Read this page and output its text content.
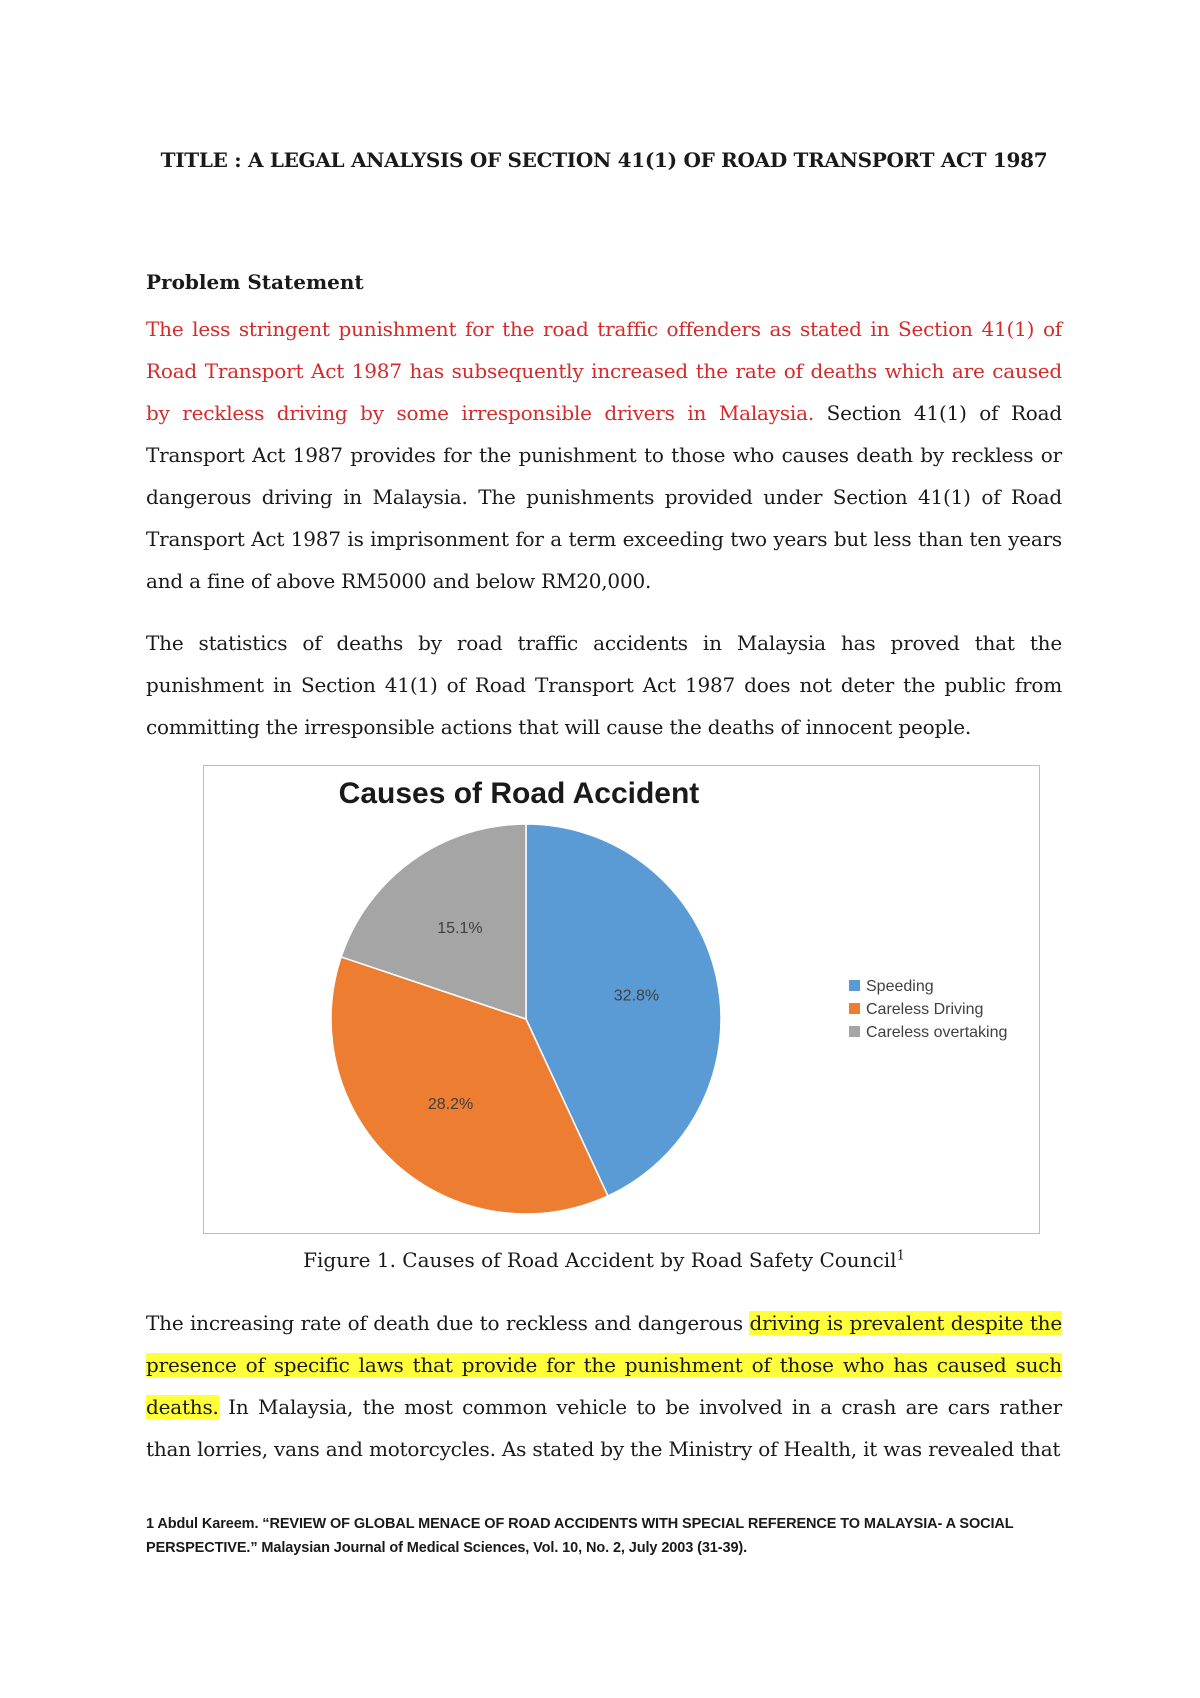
TITLE : A LEGAL ANALYSIS OF SECTION 41(1) OF ROAD TRANSPORT ACT 1987
Problem Statement
The less stringent punishment for the road traffic offenders as stated in Section 41(1) of Road Transport Act 1987 has subsequently increased the rate of deaths which are caused by reckless driving by some irresponsible drivers in Malaysia. Section 41(1) of Road Transport Act 1987 provides for the punishment to those who causes death by reckless or dangerous driving in Malaysia. The punishments provided under Section 41(1) of Road Transport Act 1987 is imprisonment for a term exceeding two years but less than ten years and a fine of above RM5000 and below RM20,000.
The statistics of deaths by road traffic accidents in Malaysia has proved that the punishment in Section 41(1) of Road Transport Act 1987 does not deter the public from committing the irresponsible actions that will cause the deaths of innocent people.
Causes of Road Accident
32.8%
28.2%
15.1%
Speeding
Careless Driving
Careless overtaking
Figure 1. Causes of Road Accident by Road Safety Council$^1$
The increasing rate of death due to reckless and dangerous driving is prevalent despite the presence of specific laws that provide for the punishment of those who has caused such deaths. In Malaysia, the most common vehicle to be involved in a crash are cars rather than lorries, vans and motorcycles. As stated by the Ministry of Health, it was revealed that
1 Abdul Kareem. “REVIEW OF GLOBAL MENACE OF ROAD ACCIDENTS WITH SPECIAL REFERENCE TO MALAYSIA- A SOCIAL PERSPECTIVE.” Malaysian Journal of Medical Sciences, Vol. 10, No. 2, July 2003 (31-39).
